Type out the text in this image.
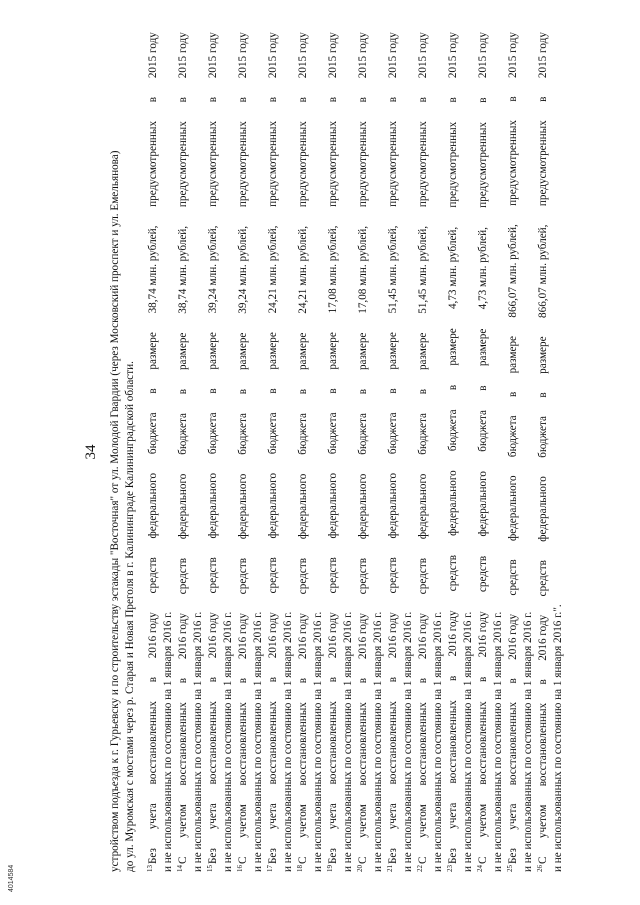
34 устройством подъезда к г. Гурьевску и по строительству эстакады "Восточная" от ул. Молодой Гвардии (через Московский проспект и ул. Емельянова) до ул. Муромская с мостами через р. Старая и Новая Преголя в г. Калининграде Калининградской области. $^{13}$Без
учета
восстановленных
в
2016 году
средств
федерального
бюджета
в
размере
38,74 млн. рублей,
предусмотренных
в
2015 году
и не использованных по состоянию на 1 января 2016 г. $^{14}$С
учетом
восстановленных
в
2016 году
средств
федерального
бюджета
в
размере
38,74 млн. рублей,
предусмотренных
в
2015 году
и не использованных по состоянию на 1 января 2016 г. $^{15}$Без
учета
восстановленных
в
2016 году
средств
федерального
бюджета
в
размере
39,24 млн. рублей,
предусмотренных
в
2015 году
и не использованных по состоянию на 1 января 2016 г. $^{16}$С
учетом
восстановленных
в
2016 году
средств
федерального
бюджета
в
размере
39,24 млн. рублей,
предусмотренных
в
2015 году
и не использованных по состоянию на 1 января 2016 г. $^{17}$Без
учета
восстановленных
в
2016 году
средств
федерального
бюджета
в
размере
24,21 млн. рублей,
предусмотренных
в
2015 году
и не использованных по состоянию на 1 января 2016 г. $^{18}$С
учетом
восстановленных
в
2016 году
средств
федерального
бюджета
в
размере
24,21 млн. рублей,
предусмотренных
в
2015 году
и не использованных по состоянию на 1 января 2016 г. $^{19}$Без
учета
восстановленных
в
2016 году
средств
федерального
бюджета
в
размере
17,08 млн. рублей,
предусмотренных
в
2015 году
и не использованных по состоянию на 1 января 2016 г. $^{20}$С
учетом
восстановленных
в
2016 году
средств
федерального
бюджета
в
размере
17,08 млн. рублей,
предусмотренных
в
2015 году
и не использованных по состоянию на 1 января 2016 г. $^{21}$Без
учета
восстановленных
в
2016 году
средств
федерального
бюджета
в
размере
51,45 млн. рублей,
предусмотренных
в
2015 году
и не использованных по состоянию на 1 января 2016 г. $^{22}$С
учетом
восстановленных
в
2016 году
средств
федерального
бюджета
в
размере
51,45 млн. рублей,
предусмотренных
в
2015 году
и не использованных по состоянию на 1 января 2016 г. $^{23}$Без
учета
восстановленных
в
2016 году
средств
федерального
бюджета
в
размере
4,73 млн. рублей,
предусмотренных
в
2015 году
и не использованных по состоянию на 1 января 2016 г. $^{24}$С
учетом
восстановленных
в
2016 году
средств
федерального
бюджета
в
размере
4,73 млн. рублей,
предусмотренных
в
2015 году
и не использованных по состоянию на 1 января 2016 г. $^{25}$Без
учета
восстановленных
в
2016 году
средств
федерального
бюджета
в
размере
866,07 млн. рублей,
предусмотренных
в
2015 году
и не использованных по состоянию на 1 января 2016 г. $^{26}$С
учетом
восстановленных
в
2016 году
средств
федерального
бюджета
в
размере
866,07 млн. рублей,
предусмотренных
в
2015 году
и не использованных по состоянию на 1 января 2016 г.".
4014584
